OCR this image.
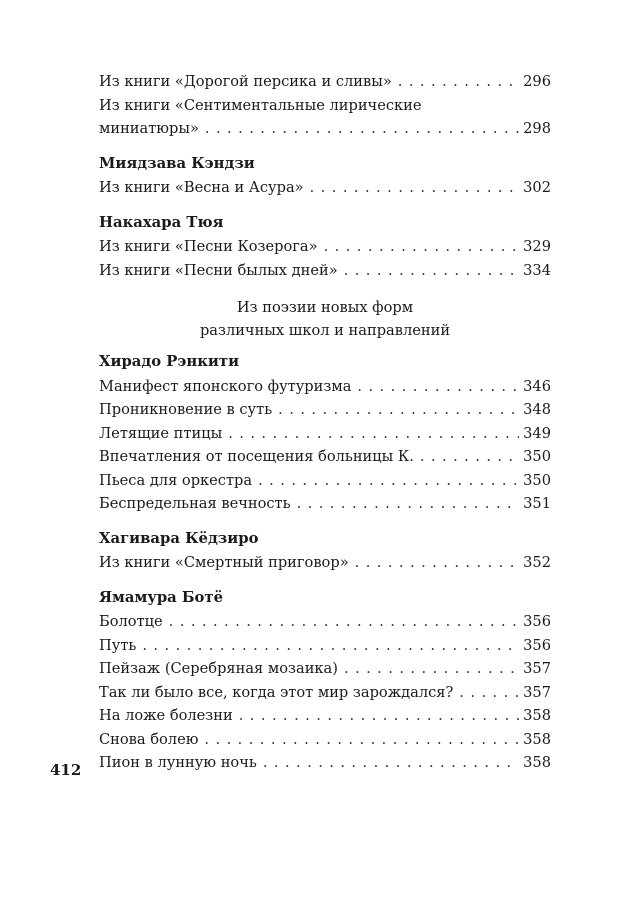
Из книги «Дорогой персика и сливы» . . .	296
Из книги «Сентиментальные лирические
миниатюры» . . .	298
Миядзава Кэндзи
Из книги «Весна и Асура» . . .	302
Накахара Тюя
Из книги «Песни Козерога» . . .	329
Из книги «Песни былых дней» . . .	334
Из поэзии новых форм
различных школ и направлений
Хирадо Рэнкити
Манифест японского футуризма . . .	346
Проникновение в суть . . .	348
Летящие птицы . . .	349
Впечатления от посещения больницы К. . . .	350
Пьеса для оркестра . . .	350
Беспредельная вечность . . .	351
Хагивара Кёдзиро
Из книги «Смертный приговор» . . .	352
Ямамура Ботё
Болотце . . .	356
Путь . . .	356
Пейзаж (Серебряная мозаика) . . .	357
Так ли было все, когда этот мир зарождался? . . .	357
На ложе болезни . . .	358
Снова болею . . .	358
Пион в лунную ночь . . .	358
412
